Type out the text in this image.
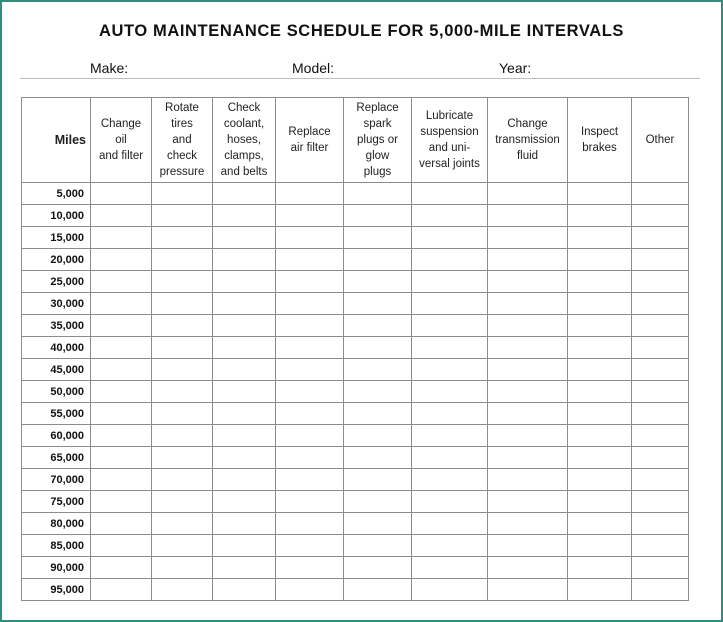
AUTO MAINTENANCE SCHEDULE FOR 5,000-MILE INTERVALS
Make:	Model:	Year:
Miles	Change
oil
and filter	Rotate
tires
and
check
pressure	Check
coolant,
hoses,
clamps,
and belts	Replace
air filter	Replace
spark
plugs or
glow
plugs	Lubricate
suspension
and uni-
versal joints	Change
transmission
fluid	Inspect
brakes	Other
5,000									
10,000									
15,000									
20,000									
25,000									
30,000									
35,000									
40,000									
45,000									
50,000									
55,000									
60,000									
65,000									
70,000									
75,000									
80,000									
85,000									
90,000									
95,000									
